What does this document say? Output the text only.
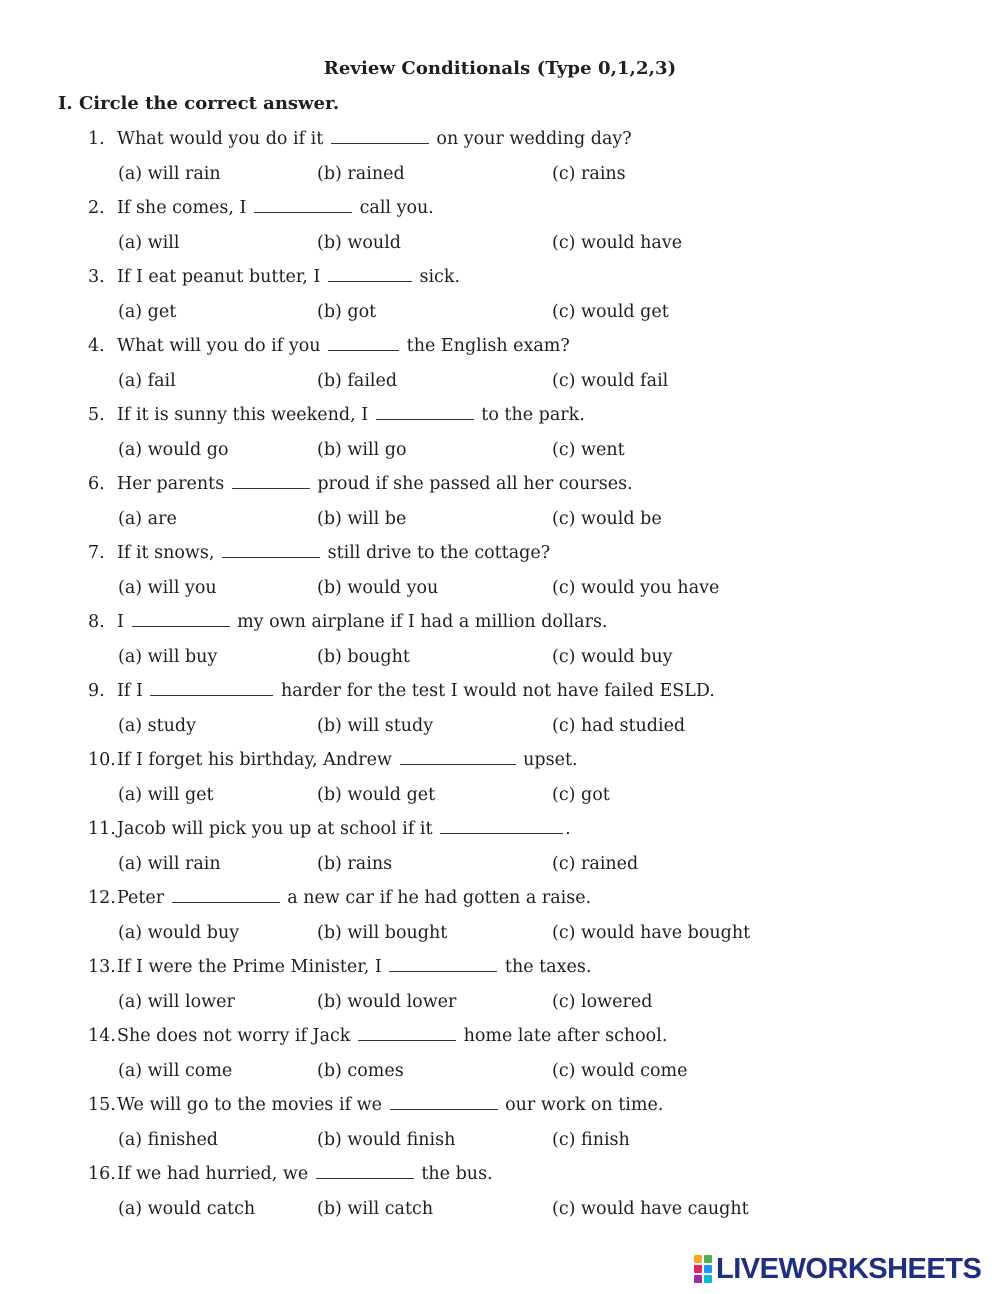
Review Conditionals (Type 0,1,2,3)
I. Circle the correct answer.
1. What would you do if it	on your wedding day?
(a) will rain	(b) rained	(c) rains
2. If she comes, I	call you.
(a) will	(b) would	(c) would have
3. If I eat peanut butter, I	sick.
(a) get	(b) got	(c) would get
4. What will you do if you	the English exam?
(a) fail	(b) failed	(c) would fail
5. If it is sunny this weekend, I	to the park.
(a) would go	(b) will go	(c) went
6. Her parents	proud if she passed all her courses.
(a) are	(b) will be	(c) would be
7. If it snows,	still drive to the cottage?
(a) will you	(b) would you	(c) would you have
8. I	my own airplane if I had a million dollars.
(a) will buy	(b) bought	(c) would buy
9. If I	harder for the test I would not have failed ESLD.
(a) study	(b) will study	(c) had studied
10.If I forget his birthday, Andrew	upset.
(a) will get	(b) would get	(c) got
11.Jacob will pick you up at school if it	.
(a) will rain	(b) rains	(c) rained
12.Peter	a new car if he had gotten a raise.
(a) would buy	(b) will bought	(c) would have bought
13.If I were the Prime Minister, I	the taxes.
(a) will lower	(b) would lower	(c) lowered
14.She does not worry if Jack	home late after school.
(a) will come	(b) comes	(c) would come
15.We will go to the movies if we	our work on time.
(a) finished	(b) would finish	(c) finish
16.If we had hurried, we	the bus.
(a) would catch	(b) will catch	(c) would have caught
LIVEWORKSHEETS
